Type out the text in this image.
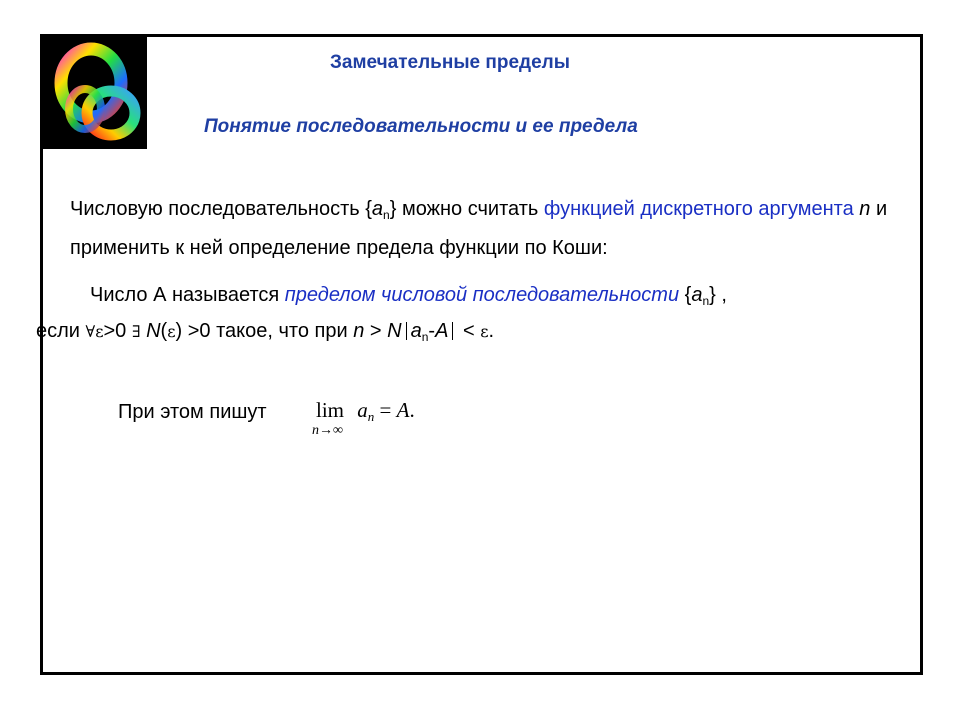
Замечательные пределы
Понятие последовательности и ее предела
Числовую последовательность $\{a_n\}$ можно считать функцией дискретного аргумента n и применить к ней определение предела функции по Коши:
Число А называется пределом числовой последовательности $\{a_n\}$ ,
если ∀ε>0 ∃ N(ε) >0 такое, что при n > N $a_n-A < \varepsilon$.
При этом пишут lim an = A.
n→∞
